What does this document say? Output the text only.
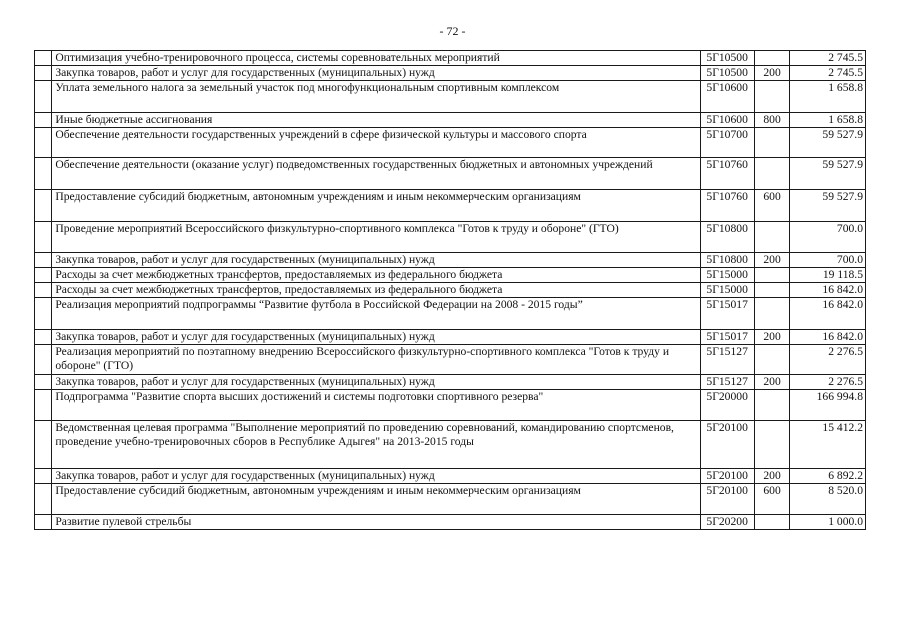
- 72 -
	Оптимизация учебно-тренировочного процесса, системы соревновательных мероприятий	5Г10500		2 745.5
	Закупка товаров, работ и услуг для государственных (муниципальных) нужд	5Г10500	200	2 745.5
	Уплата земельного налога за земельный участок под многофункциональным спортивным комплексом	5Г10600		1 658.8
	Иные бюджетные ассигнования	5Г10600	800	1 658.8
	Обеспечение деятельности государственных учреждений в сфере физической культуры и массового спорта	5Г10700		59 527.9
	Обеспечение деятельности (оказание услуг) подведомственных государственных бюджетных и автономных учреждений	5Г10760		59 527.9
	Предоставление субсидий бюджетным, автономным учреждениям и иным некоммерческим организациям	5Г10760	600	59 527.9
	Проведение мероприятий Всероссийского физкультурно-спортивного комплекса "Готов к труду и обороне" (ГТО)	5Г10800		700.0
	Закупка товаров, работ и услуг для государственных (муниципальных) нужд	5Г10800	200	700.0
	Расходы за счет межбюджетных трансфертов, предоставляемых из федерального бюджета	5Г15000		19 118.5
	Расходы за счет межбюджетных трансфертов, предоставляемых из федерального бюджета	5Г15000		16 842.0
	Реализация мероприятий подпрограммы “Развитие футбола в Российской Федерации на 2008 - 2015 годы”	5Г15017		16 842.0
	Закупка товаров, работ и услуг для государственных (муниципальных) нужд	5Г15017	200	16 842.0
	Реализация мероприятий по поэтапному внедрению Всероссийского физкультурно-спортивного комплекса "Готов к труду и обороне" (ГТО)	5Г15127		2 276.5
	Закупка товаров, работ и услуг для государственных (муниципальных) нужд	5Г15127	200	2 276.5
	Подпрограмма "Развитие спорта высших достижений и системы подготовки спортивного резерва"	5Г20000		166 994.8
	Ведомственная целевая программа "Выполнение мероприятий по проведению соревнований, командированию спортсменов, проведение учебно-тренировочных сборов в Республике Адыгея" на 2013-2015 годы	5Г20100		15 412.2
	Закупка товаров, работ и услуг для государственных (муниципальных) нужд	5Г20100	200	6 892.2
	Предоставление субсидий бюджетным, автономным учреждениям и иным некоммерческим организациям	5Г20100	600	8 520.0
	Развитие пулевой стрельбы	5Г20200		1 000.0
